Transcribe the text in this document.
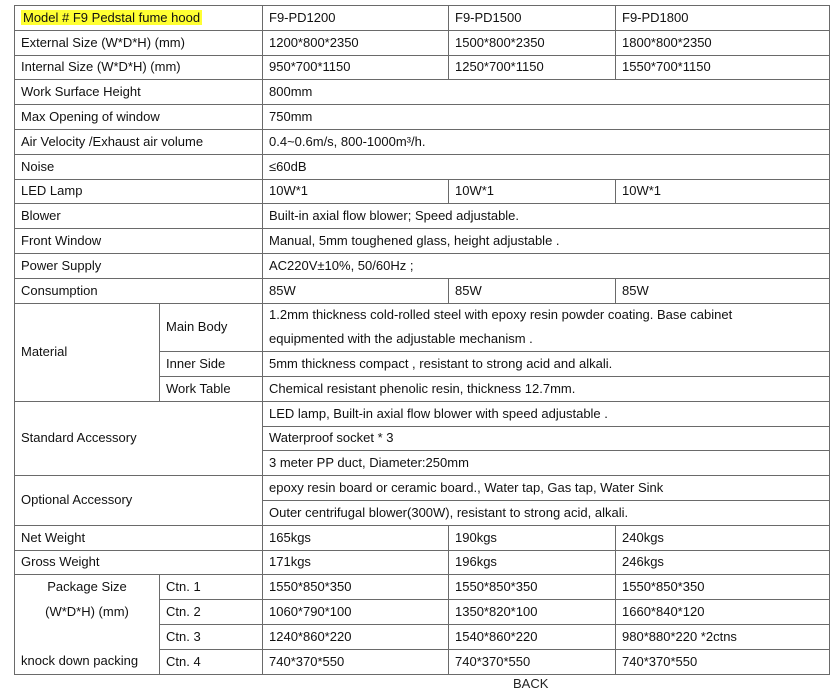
Model # F9 Pedstal fume hood		F9-PD1200	F9-PD1500	F9-PD1800
External Size (W*D*H) (mm)		1200*800*2350	1500*800*2350	1800*800*2350
Internal Size (W*D*H) (mm)		950*700*1150	1250*700*1150	1550*700*1150
Work Surface Height		800mm		
Max Opening of window		750mm		
Air Velocity /Exhaust air volume		0.4~0.6m/s, 800-1000m³/h.		
Noise		≤60dB		
LED Lamp		10W*1	10W*1	10W*1
Blower		Built-in axial flow blower; Speed adjustable.		
Front Window		Manual, 5mm toughened glass, height adjustable .		
Power Supply		AC220V±10%, 50/60Hz ;		
Consumption		85W	85W	85W
Material	Main Body	1.2mm thickness cold-rolled steel with epoxy resin powder coating. Base cabinet		
		equipmented with the adjustable mechanism .		
	Inner Side	5mm thickness compact , resistant to strong acid and alkali.		
	Work Table	Chemical resistant phenolic resin, thickness 12.7mm.		
Standard Accessory		LED lamp, Built-in axial flow blower with speed adjustable .		
		Waterproof socket * 3		
		3 meter PP duct, Diameter:250mm		
Optional Accessory		epoxy resin board or ceramic board., Water tap, Gas tap, Water Sink		
		Outer centrifugal blower(300W), resistant to strong acid, alkali.		
Net Weight		165kgs	190kgs	240kgs
Gross Weight		171kgs	196kgs	246kgs
Package Size	Ctn. 1	1550*850*350	1550*850*350	1550*850*350
(W*D*H) (mm)	Ctn. 2	1060*790*100	1350*820*100	1660*840*120
	Ctn. 3	1240*860*220	1540*860*220	980*880*220 *2ctns
knock down packing	Ctn. 4	740*370*550	740*370*550	740*370*550
BACK
